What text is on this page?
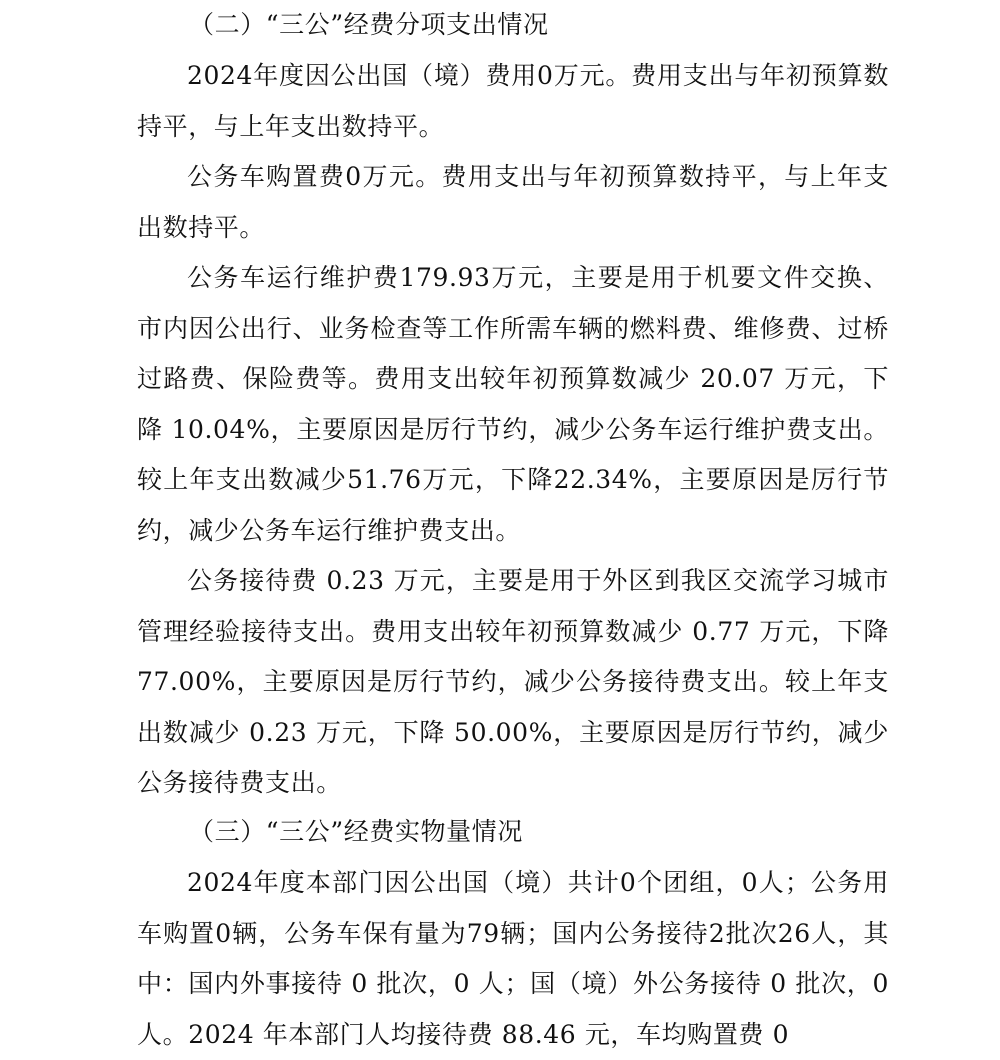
（二）“三公”经费分项支出情况
2024年度因公出国（境）费用0万元。费用支出与年初预算数持平，与上年支出数持平。
公务车购置费0万元。费用支出与年初预算数持平，与上年支出数持平。
公务车运行维护费179.93万元，主要是用于机要文件交换、市内因公出行、业务检查等工作所需车辆的燃料费、维修费、过桥过路费、保险费等。费用支出较年初预算数减少 20.07 万元，下降 10.04%，主要原因是厉行节约，减少公务车运行维护费支出。较上年支出数减少51.76万元，下降22.34%，主要原因是厉行节约，减少公务车运行维护费支出。
公务接待费 0.23 万元，主要是用于外区到我区交流学习城市管理经验接待支出。费用支出较年初预算数减少 0.77 万元，下降 77.00%，主要原因是厉行节约，减少公务接待费支出。较上年支出数减少 0.23 万元，下降 50.00%，主要原因是厉行节约，减少公务接待费支出。
（三）“三公”经费实物量情况
2024年度本部门因公出国（境）共计0个团组，0人；公务用车购置0辆，公务车保有量为79辆；国内公务接待2批次26人，其中：国内外事接待 0 批次，0 人；国（境）外公务接待 0 批次，0 人。2024 年本部门人均接待费 88.46 元，车均购置费 0
